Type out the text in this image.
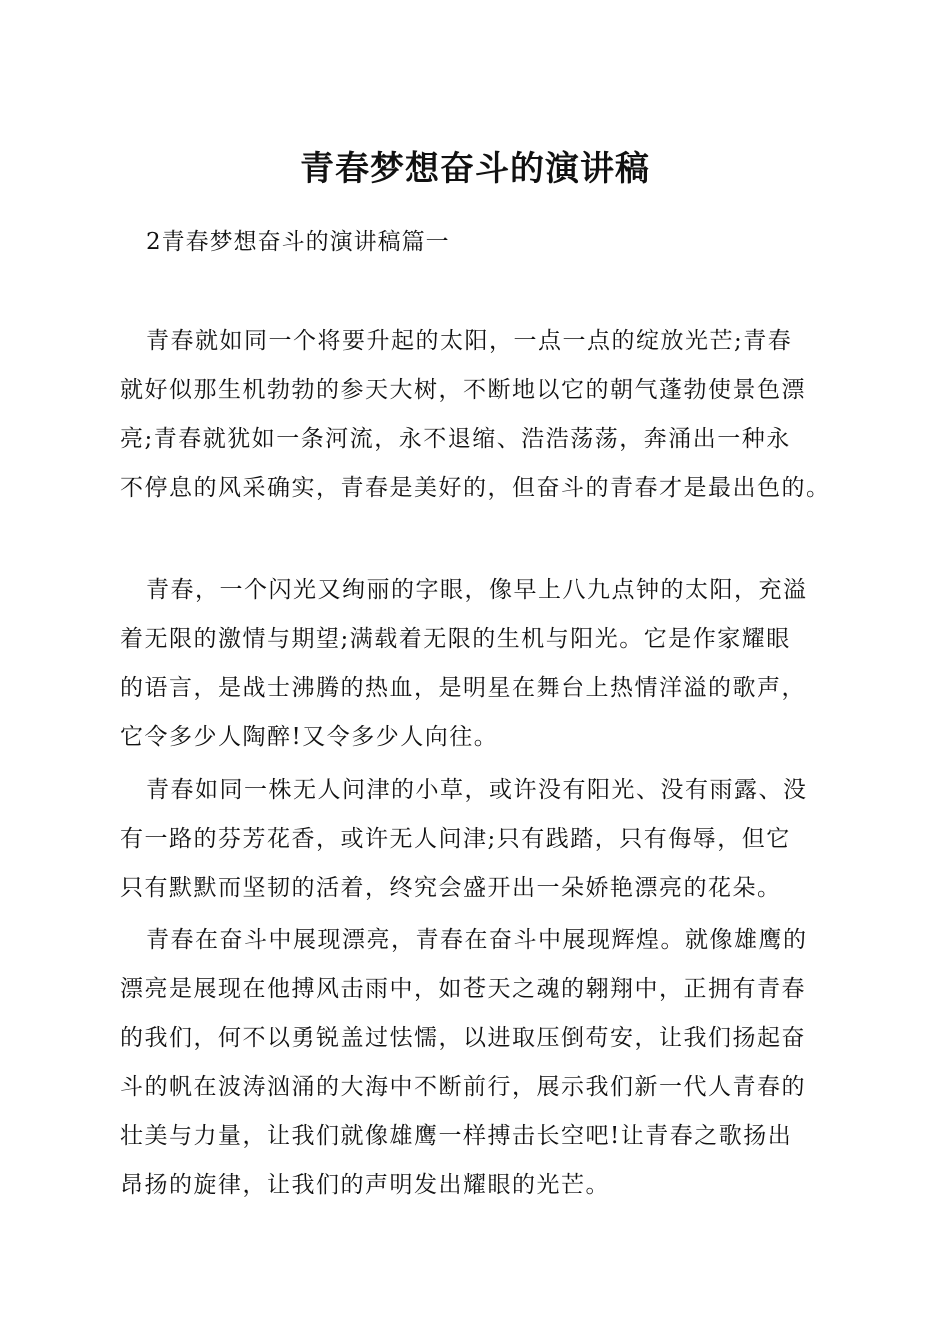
青春梦想奋斗的演讲稿
2青春梦想奋斗的演讲稿篇一
青春就如同一个将要升起的太阳，一点一点的绽放光芒;青春
就好似那生机勃勃的参天大树，不断地以它的朝气蓬勃使景色漂
亮;青春就犹如一条河流，永不退缩、浩浩荡荡，奔涌出一种永
不停息的风采确实，青春是美好的，但奋斗的青春才是最出色的。
青春，一个闪光又绚丽的字眼，像早上八九点钟的太阳，充溢
着无限的激情与期望;满载着无限的生机与阳光。它是作家耀眼
的语言，是战士沸腾的热血，是明星在舞台上热情洋溢的歌声，
它令多少人陶醉!又令多少人向往。
青春如同一株无人问津的小草，或许没有阳光、没有雨露、没
有一路的芬芳花香，或许无人问津;只有践踏，只有侮辱，但它
只有默默而坚韧的活着，终究会盛开出一朵娇艳漂亮的花朵。
青春在奋斗中展现漂亮，青春在奋斗中展现辉煌。就像雄鹰的
漂亮是展现在他搏风击雨中，如苍天之魂的翱翔中，正拥有青春
的我们，何不以勇锐盖过怯懦，以进取压倒苟安，让我们扬起奋
斗的帆在波涛汹涌的大海中不断前行，展示我们新一代人青春的
壮美与力量，让我们就像雄鹰一样搏击长空吧!让青春之歌扬出
昂扬的旋律，让我们的声明发出耀眼的光芒。
